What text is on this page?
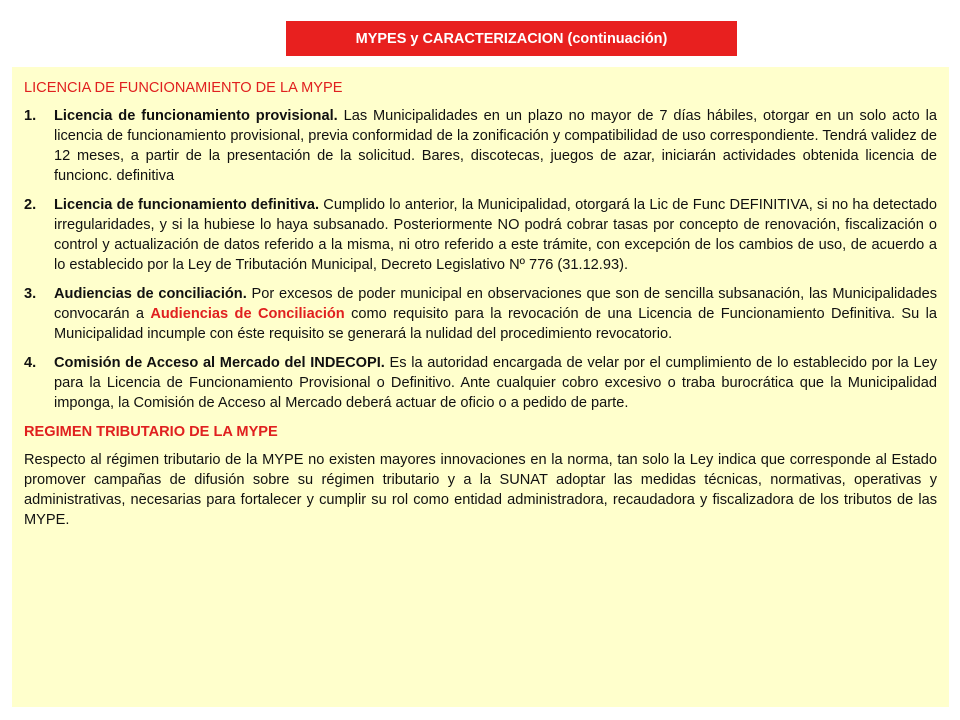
MYPES y CARACTERIZACION (continuación)
LICENCIA DE FUNCIONAMIENTO DE LA MYPE
1. Licencia de funcionamiento provisional. Las Municipalidades en un plazo no mayor de 7 días hábiles, otorgar en un solo acto la licencia de funcionamiento provisional, previa conformidad de la zonificación y compatibilidad de uso correspondiente. Tendrá validez de 12 meses, a partir de la presentación de la solicitud. Bares, discotecas, juegos de azar, iniciarán actividades obtenida licencia de funcionc. definitiva
2. Licencia de funcionamiento definitiva. Cumplido lo anterior, la Municipalidad, otorgará la Lic de Func DEFINITIVA, si no ha detectado irregularidades, y si la hubiese lo haya subsanado. Posteriormente NO podrá cobrar tasas por concepto de renovación, fiscalización o control y actualización de datos referido a la misma, ni otro referido a este trámite, con excepción de los cambios de uso, de acuerdo a lo establecido por la Ley de Tributación Municipal, Decreto Legislativo Nº 776 (31.12.93).
3. Audiencias de conciliación. Por excesos de poder municipal en observaciones que son de sencilla subsanación, las Municipalidades convocarán a Audiencias de Conciliación como requisito para la revocación de una Licencia de Funcionamiento Definitiva. Su la Municipalidad incumple con éste requisito se generará la nulidad del procedimiento revocatorio.
4. Comisión de Acceso al Mercado del INDECOPI. Es la autoridad encargada de velar por el cumplimiento de lo establecido por la Ley para la Licencia de Funcionamiento Provisional o Definitivo. Ante cualquier cobro excesivo o traba burocrática que la Municipalidad imponga, la Comisión de Acceso al Mercado deberá actuar de oficio o a pedido de parte.
REGIMEN TRIBUTARIO DE LA MYPE

Respecto al régimen tributario de la MYPE no existen mayores innovaciones en la norma, tan solo la Ley indica que corresponde al Estado promover campañas de difusión sobre su régimen tributario y a la SUNAT adoptar las medidas técnicas, normativas, operativas y administrativas, necesarias para fortalecer y cumplir su rol como entidad administradora, recaudadora y fiscalizadora de los tributos de las MYPE.
